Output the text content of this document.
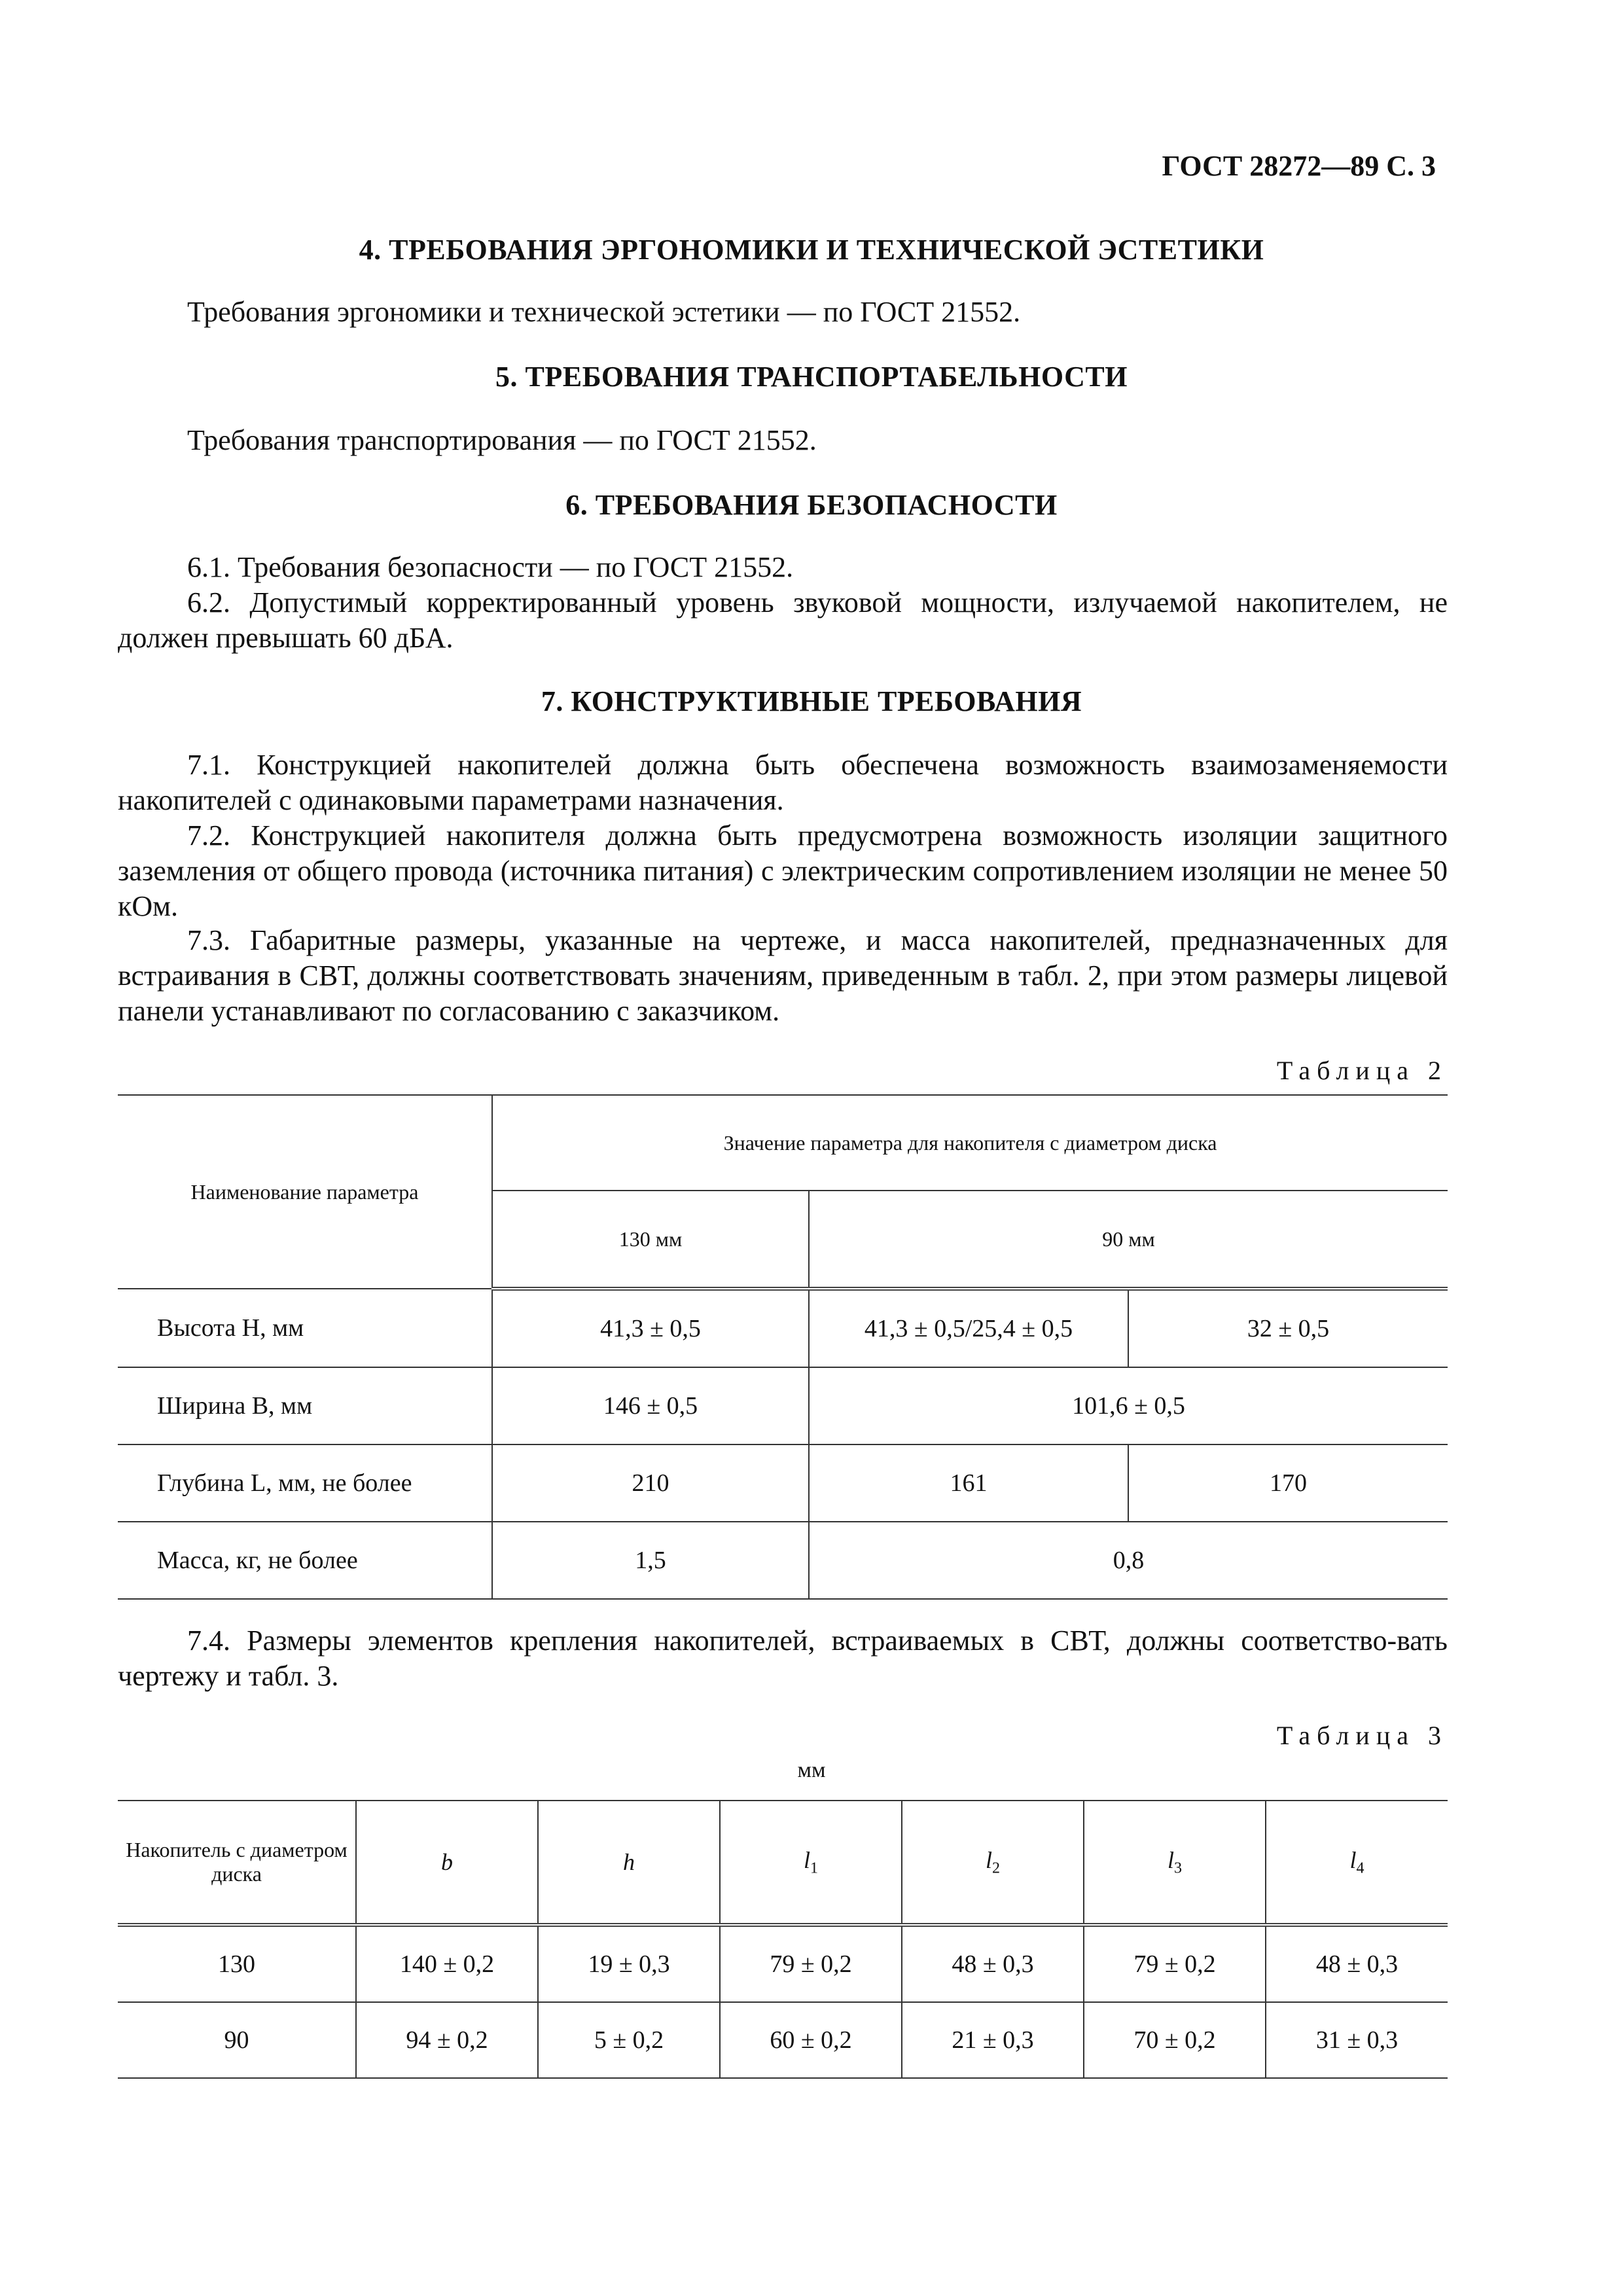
ГОСТ 28272—89 С. 3
4. ТРЕБОВАНИЯ ЭРГОНОМИКИ И ТЕХНИЧЕСКОЙ ЭСТЕТИКИ
Требования эргономики и технической эстетики — по ГОСТ 21552.
5. ТРЕБОВАНИЯ ТРАНСПОРТАБЕЛЬНОСТИ
Требования транспортирования — по ГОСТ 21552.
6. ТРЕБОВАНИЯ БЕЗОПАСНОСТИ
6.1. Требования безопасности — по ГОСТ 21552.
6.2. Допустимый корректированный уровень звуковой мощности, излучаемой накопителем, не должен превышать 60 дБА.
7. КОНСТРУКТИВНЫЕ ТРЕБОВАНИЯ
7.1. Конструкцией накопителей должна быть обеспечена возможность взаимозаменяемости накопителей с одинаковыми параметрами назначения.
7.2. Конструкцией накопителя должна быть предусмотрена возможность изоляции защитного заземления от общего провода (источника питания) с электрическим сопротивлением изоляции не менее 50 кОм.
7.3. Габаритные размеры, указанные на чертеже, и масса накопителей, предназначенных для встраивания в СВТ, должны соответствовать значениям, приведенным в табл. 2, при этом размеры лицевой панели устанавливают по согласованию с заказчиком.
Таблица 2
Наименование параметра	Значение параметра для накопителя с диаметром диска		
	130 мм	90 мм	
Высота H, мм	41,3 ± 0,5	41,3 ± 0,5/25,4 ± 0,5	32 ± 0,5
Ширина B, мм	146 ± 0,5	101,6 ± 0,5	
Глубина L, мм, не более	210	161	170
Масса, кг, не более	1,5	0,8	
7.4. Размеры элементов крепления накопителей, встраиваемых в СВТ, должны соответство-вать чертежу и табл. 3.
Таблица 3
мм
Накопитель с диаметром диска	b	h	$l_1$	$l_2$	$l_3$	$l_4$
130	140 ± 0,2	19 ± 0,3	79 ± 0,2	48 ± 0,3	79 ± 0,2	48 ± 0,3
90	94 ± 0,2	5 ± 0,2	60 ± 0,2	21 ± 0,3	70 ± 0,2	31 ± 0,3
